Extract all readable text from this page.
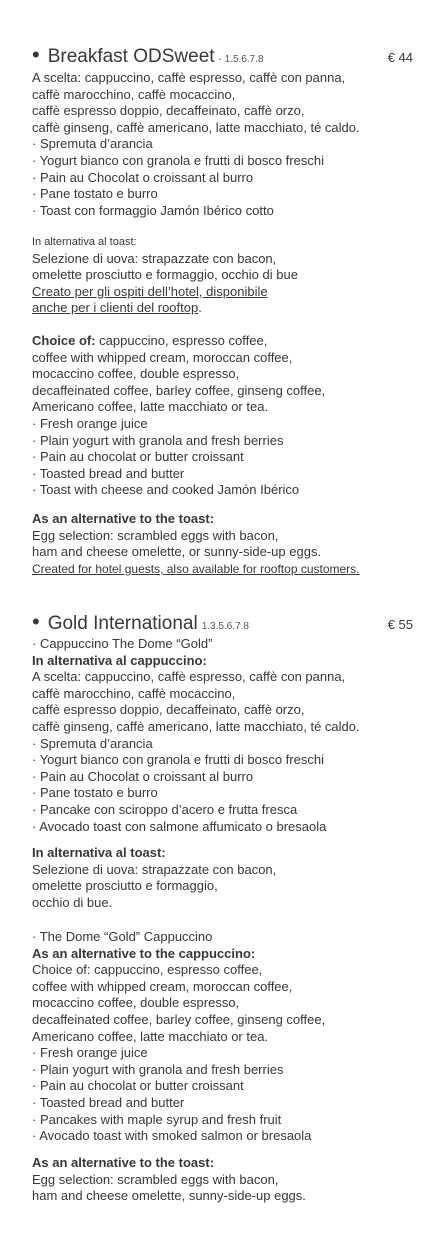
• Breakfast ODSweet - 1.5.6.7.8	€ 44
A scelta: cappuccino, caffè espresso, caffè con panna,
caffè marocchino, caffè mocaccino,
caffè espresso doppio, decaffeinato, caffè orzo,
caffè ginseng, caffè americano, latte macchiato, té caldo.
· Spremuta d’arancia
· Yogurt bianco con granola e frutti di bosco freschi
· Pain au Chocolat o croissant al burro
· Pane tostato e burro
· Toast con formaggio Jamón Ibérico cotto
In alternativa al toast:
Selezione di uova: strapazzate con bacon,
omelette prosciutto e formaggio, occhio di bue
Creato per gli ospiti dell’hotel, disponibile
anche per i clienti del rooftop.
Choice of: cappuccino, espresso coffee,
coffee with whipped cream, moroccan coffee,
mocaccino coffee, double espresso,
decaffeinated coffee, barley coffee, ginseng coffee,
Americano coffee, latte macchiato or tea.
· Fresh orange juice
· Plain yogurt with granola and fresh berries
· Pain au chocolat or butter croissant
· Toasted bread and butter
· Toast with cheese and cooked Jamón Ibérico
As an alternative to the toast:
Egg selection: scrambled eggs with bacon,
ham and cheese omelette, or sunny-side-up eggs.
Created for hotel guests, also available for rooftop customers.
• Gold International 1.3.5.6.7.8	€ 55
· Cappuccino The Dome “Gold”
In alternativa al cappuccino:
A scelta: cappuccino, caffè espresso, caffè con panna,
caffè marocchino, caffè mocaccino,
caffè espresso doppio, decaffeinato, caffè orzo,
caffè ginseng, caffè americano, latte macchiato, té caldo.
· Spremuta d’arancia
· Yogurt bianco con granola e frutti di bosco freschi
· Pain au Chocolat o croissant al burro
· Pane tostato e burro
· Pancake con sciroppo d’acero e frutta fresca
· Avocado toast con salmone affumicato o bresaola
In alternativa al toast:
Selezione di uova: strapazzate con bacon,
omelette prosciutto e formaggio,
occhio di bue.
· The Dome “Gold” Cappuccino
As an alternative to the cappuccino:
Choice of: cappuccino, espresso coffee,
coffee with whipped cream, moroccan coffee,
mocaccino coffee, double espresso,
decaffeinated coffee, barley coffee, ginseng coffee,
Americano coffee, latte macchiato or tea.
· Fresh orange juice
· Plain yogurt with granola and fresh berries
· Pain au chocolat or butter croissant
· Toasted bread and butter
· Pancakes with maple syrup and fresh fruit
· Avocado toast with smoked salmon or bresaola
As an alternative to the toast:
Egg selection: scrambled eggs with bacon,
ham and cheese omelette, sunny-side-up eggs.
